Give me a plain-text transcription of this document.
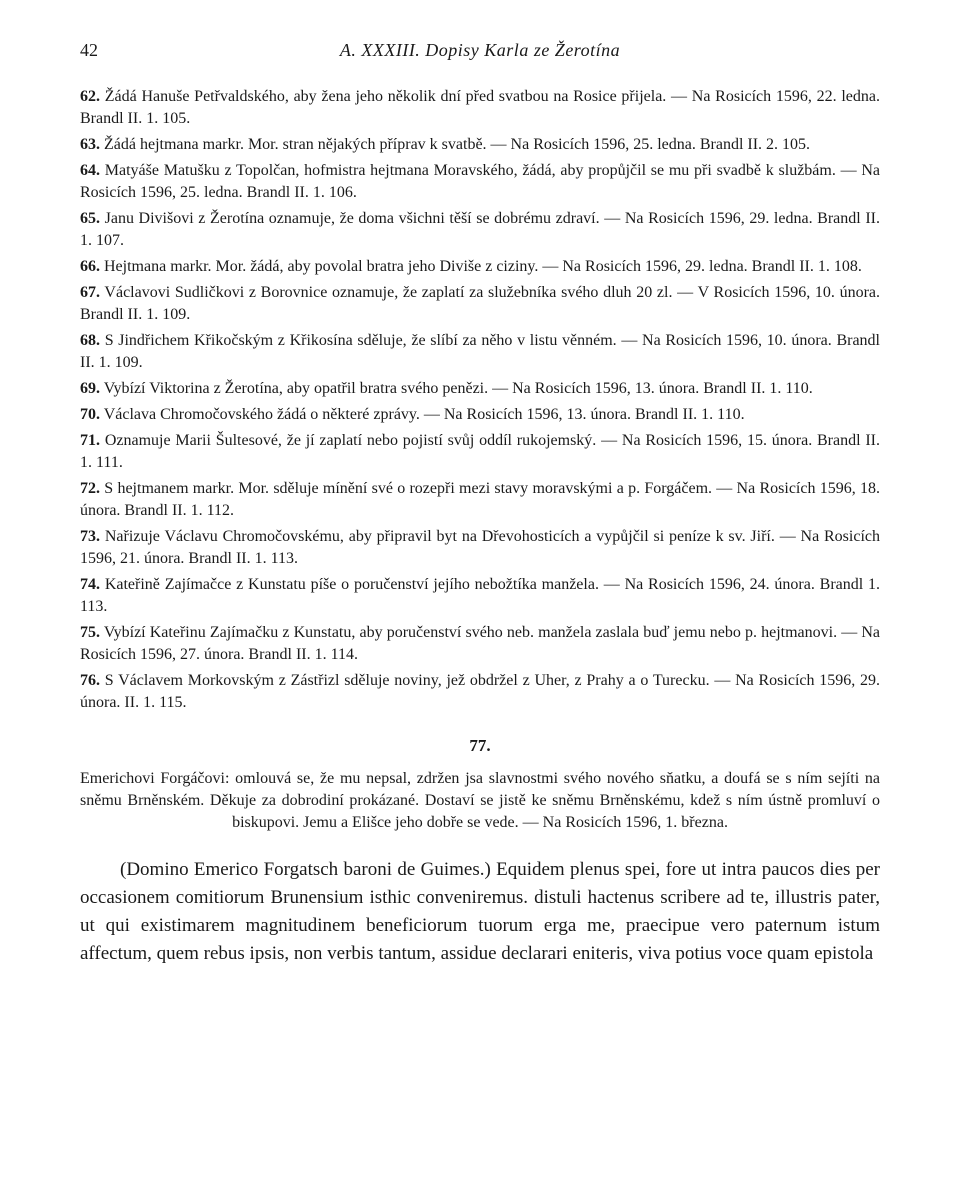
42	A. XXXIII. Dopisy Karla ze Žerotína

62. Žádá Hanuše Petřvaldského, aby žena jeho několik dní před svatbou na Rosice přijela. — Na Rosicích 1596, 22. ledna. Brandl II. 1. 105.

63. Žádá hejtmana markr. Mor. stran nějakých příprav k svatbě. — Na Rosicích 1596, 25. ledna. Brandl II. 2. 105.

64. Matyáše Matušku z Topolčan, hofmistra hejtmana Moravského, žádá, aby propůjčil se mu při svadbě k službám. — Na Rosicích 1596, 25. ledna. Brandl II. 1. 106.

65. Janu Divišovi z Žerotína oznamuje, že doma všichni těší se dobrému zdraví. — Na Rosicích 1596, 29. ledna. Brandl II. 1. 107.

66. Hejtmana markr. Mor. žádá, aby povolal bratra jeho Diviše z ciziny. — Na Rosicích 1596, 29. ledna. Brandl II. 1. 108.

67. Václavovi Sudličkovi z Borovnice oznamuje, že zaplatí za služebníka svého dluh 20 zl. — V Rosicích 1596, 10. února. Brandl II. 1. 109.

68. S Jindřichem Křikočským z Křikosína sděluje, že slíbí za něho v listu věnném. — Na Rosicích 1596, 10. února. Brandl II. 1. 109.

69. Vybízí Viktorina z Žerotína, aby opatřil bratra svého penězi. — Na Rosicích 1596, 13. února. Brandl II. 1. 110.

70. Václava Chromočovského žádá o některé zprávy. — Na Rosicích 1596, 13. února. Brandl II. 1. 110.

71. Oznamuje Marii Šultesové, že jí zaplatí nebo pojistí svůj oddíl rukojemský. — Na Rosicích 1596, 15. února. Brandl II. 1. 111.

72. S hejtmanem markr. Mor. sděluje mínění své o rozepři mezi stavy moravskými a p. Forgáčem. — Na Rosicích 1596, 18. února. Brandl II. 1. 112.

73. Nařizuje Václavu Chromočovskému, aby připravil byt na Dřevohosticích a vypůjčil si peníze k sv. Jiří. — Na Rosicích 1596, 21. února. Brandl II. 1. 113.

74. Kateřině Zajímačce z Kunstatu píše o poručenství jejího nebožtíka manžela. — Na Rosicích 1596, 24. února. Brandl 1. 113.

75. Vybízí Kateřinu Zajímačku z Kunstatu, aby poručenství svého neb. manžela zaslala buď jemu nebo p. hejtmanovi. — Na Rosicích 1596, 27. února. Brandl II. 1. 114.

76. S Václavem Morkovským z Zástřizl sděluje noviny, jež obdržel z Uher, z Prahy a o Turecku. — Na Rosicích 1596, 29. února. II. 1. 115.

77.

Emerichovi Forgáčovi: omlouvá se, že mu nepsal, zdržen jsa slavnostmi svého nového sňatku, a doufá se s ním sejíti na sněmu Brněnském. Děkuje za dobrodiní prokázané. Dostaví se jistě ke sněmu Brněnskému, kdež s ním ústně promluví o biskupovi. Jemu a Elišce jeho dobře se vede. — Na Rosicích 1596, 1. března.

(Domino Emerico Forgatsch baroni de Guimes.) Equidem plenus spei, fore ut intra paucos dies per occasionem comitiorum Brunensium isthic conveniremus. distuli hactenus scribere ad te, illustris pater, ut qui existimarem magnitudinem beneficiorum tuorum erga me, praecipue vero paternum istum affectum, quem rebus ipsis, non verbis tantum, assidue declarari eniteris, viva potius voce quam epistola
